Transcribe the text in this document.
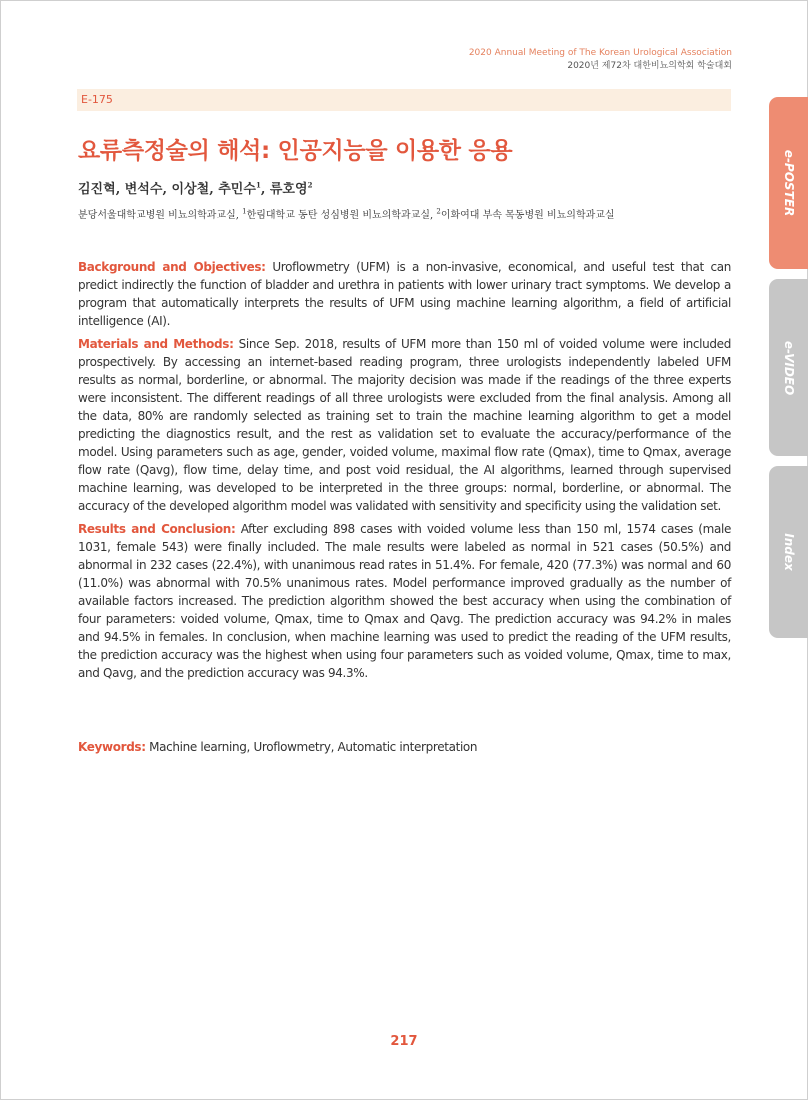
2020 Annual Meeting of The Korean Urological Association
2020년 제72차 대한비뇨의학회 학술대회
E-175
요류측정술의 해석: 인공지능을 이용한 응용
김진혁, 변석수, 이상철, 추민수$^1$, 류호영$^2$
분당서울대학교병원 비뇨의학과교실, $^1$한림대학교 동탄 성심병원 비뇨의학과교실, $^2$이화여대 부속 목동병원 비뇨의학과교실

Background and Objectives: Uroflowmetry (UFM) is a non-invasive, economical, and useful test that can predict indirectly the function of bladder and urethra in patients with lower urinary tract symptoms. We develop a program that automatically interprets the results of UFM using machine learning algorithm, a field of artificial intelligence (AI).

Materials and Methods: Since Sep. 2018, results of UFM more than 150 ml of voided volume were included prospectively. By accessing an internet-based reading program, three urologists independently labeled UFM results as normal, borderline, or abnormal. The majority decision was made if the readings of the three experts were inconsistent. The different readings of all three urologists were excluded from the final analysis. Among all the data, 80% are randomly selected as training set to train the machine learning algorithm to get a model predicting the diagnostics result, and the rest as validation set to evaluate the accuracy/performance of the model. Using parameters such as age, gender, voided volume, maximal flow rate (Qmax), time to Qmax, average flow rate (Qavg), flow time, delay time, and post void residual, the AI algorithms, learned through supervised machine learning, was developed to be interpreted in the three groups: normal, borderline, or abnormal. The accuracy of the developed algorithm model was validated with sensitivity and specificity using the validation set.

Results and Conclusion: After excluding 898 cases with voided volume less than 150 ml, 1574 cases (male 1031, female 543) were finally included. The male results were labeled as normal in 521 cases (50.5%) and abnormal in 232 cases (22.4%), with unanimous read rates in 51.4%. For female, 420 (77.3%) was normal and 60 (11.0%) was abnormal with 70.5% unanimous rates. Model performance improved gradually as the number of available factors increased. The prediction algorithm showed the best accuracy when using the combination of four parameters: voided volume, Qmax, time to Qmax and Qavg. The prediction accuracy was 94.2% in males and 94.5% in females. In conclusion, when machine learning was used to predict the reading of the UFM results, the prediction accuracy was the highest when using four parameters such as voided volume, Qmax, time to max, and Qavg, and the prediction accuracy was 94.3%.

Keywords: Machine learning, Uroflowmetry, Automatic interpretation
217
e-POSTER
e-VIDEO
Index
